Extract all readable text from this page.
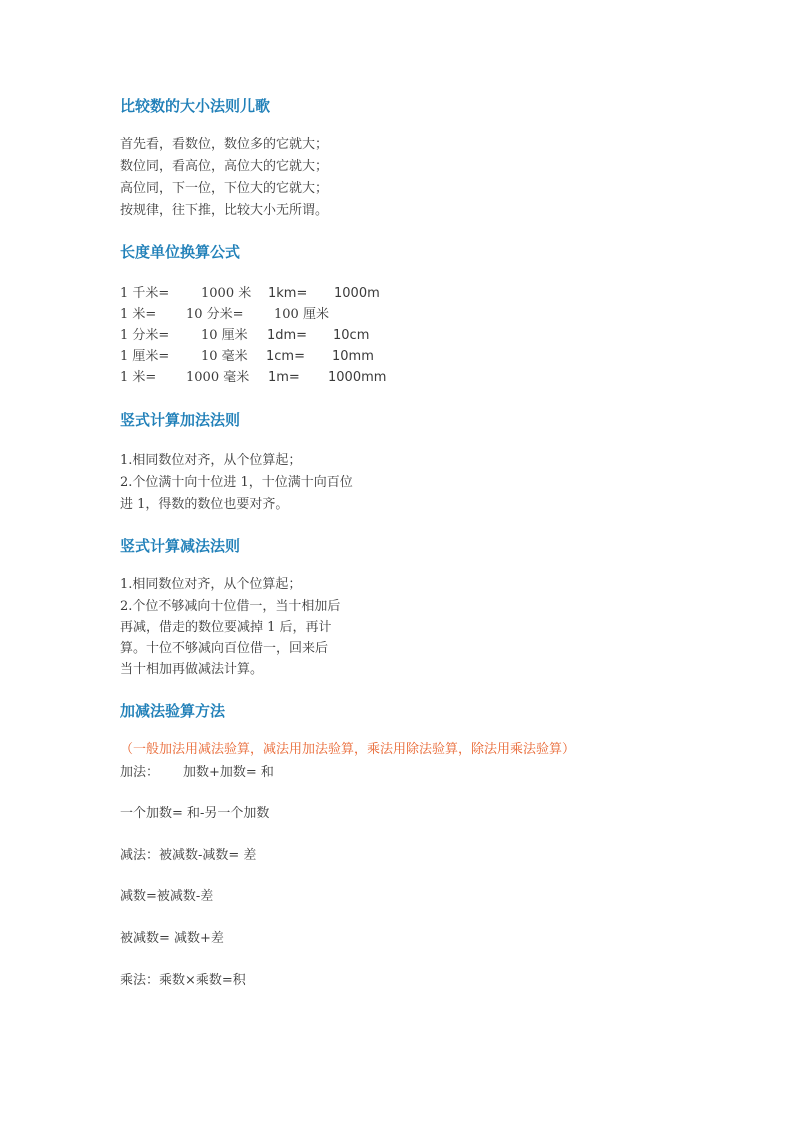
比较数的大小法则儿歌
首先看，看数位，数位多的它就大；
数位同，看高位，高位大的它就大；
高位同，下一位，下位大的它就大；
按规律，往下推，比较大小无所谓。
长度单位换算公式
1 千米= 1000 米 1km= 1000m
1 米= 10 分米= 100 厘米
1 分米= 10 厘米 1dm= 10cm
1 厘米= 10 毫米 1cm= 10mm
1 米= 1000 毫米 1m= 1000mm
竖式计算加法法则
1.相同数位对齐，从个位算起；
2.个位满十向十位进 1，十位满十向百位
进 1，得数的数位也要对齐。
竖式计算减法法则
1.相同数位对齐，从个位算起；
2.个位不够减向十位借一，当十相加后
再减，借走的数位要减掉 1 后，再计
算。十位不够减向百位借一，回来后
当十相加再做减法计算。
加减法验算方法
（一般加法用减法验算，减法用加法验算，乘法用除法验算，除法用乘法验算）
加法： 加数+加数= 和
一个加数= 和-另一个加数
减法：被减数-减数= 差
减数=被减数-差
被减数= 减数+差
乘法：乘数×乘数=积
